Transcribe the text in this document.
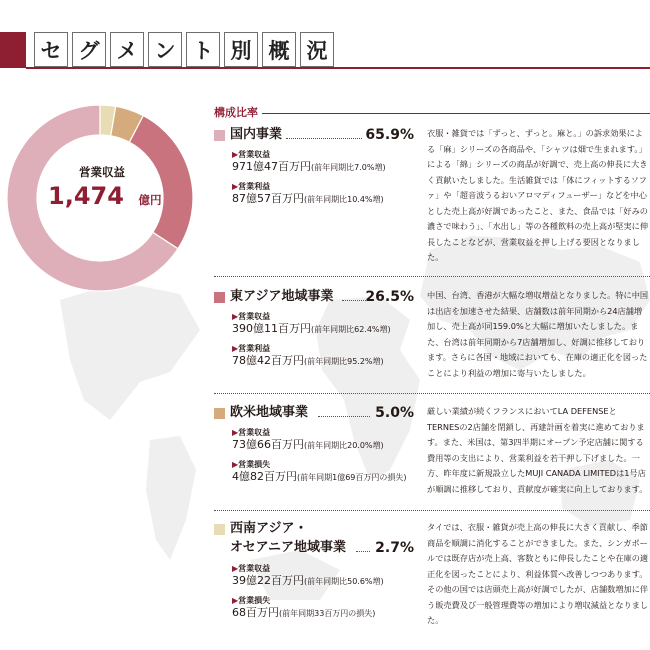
セ グ メ ン ト 別 概 況
営業収益
1,474 億円
構成比率
国内事業	65.9%
▶営業収益
971億47百万円(前年同期比7.0%増)
▶営業利益
87億57百万円(前年同期比10.4%増)
衣服・雑貨では「ずっと、ずっと。麻と。」の訴求効果による「麻」シリーズの各商品や、「シャツは畑で生まれます。」による「綿」シリーズの商品が好調で、売上高の伸長に大きく貢献いたしました。生活雑貨では「体にフィットするソファ」や「超音波うるおいアロマディフューザー」などを中心とした売上高が好調であったこと、また、食品では「好みの濃さで味わう」、「水出し」等の各種飲料の売上高が堅実に伸長したことなどが、営業収益を押し上げる要因となりました。
東アジア地域事業 26.5%
▶営業収益
390億11百万円(前年同期比62.4%増)
▶営業利益
78億42百万円(前年同期比95.2%増)
中国、台湾、香港が大幅な増収増益となりました。特に中国は出店を加速させた結果、店舗数は前年同期から24店舗増加し、売上高が同159.0%と大幅に増加いたしました。また、台湾は前年同期から7店舗増加し、好調に推移しております。さらに各国・地域においても、在庫の適正化を図ったことにより利益の増加に寄与いたしました。
欧米地域事業	5.0%
▶営業収益
73億66百万円(前年同期比20.0%増)
▶営業損失
4億82百万円(前年同期1億69百万円の損失)
厳しい業績が続くフランスにおいてLA DEFENSEとTERNESの2店舗を閉鎖し、再建計画を着実に進めております。また、米国は、第3四半期にオープン予定店舗に関する費用等の支出により、営業利益を若干押し下げました。一方、昨年度に新規設立したMUJI CANADA LIMITEDは1号店が順調に推移しており、貢献度が確実に向上しております。
西南アジア・
オセアニア地域事業 2.7%
▶営業収益
39億22百万円(前年同期比50.6%増)
▶営業損失
68百万円(前年同期33百万円の損失)
タイでは、衣服・雑貨が売上高の伸長に大きく貢献し、季節商品を順調に消化することができました。また、シンガポールでは既存店が売上高、客数ともに伸長したことや在庫の適正化を図ったことにより、利益体質へ改善しつつあります。その他の国では店頭売上高が好調でしたが、店舗数増加に伴う販売費及び一般管理費等の増加により増収減益となりました。
